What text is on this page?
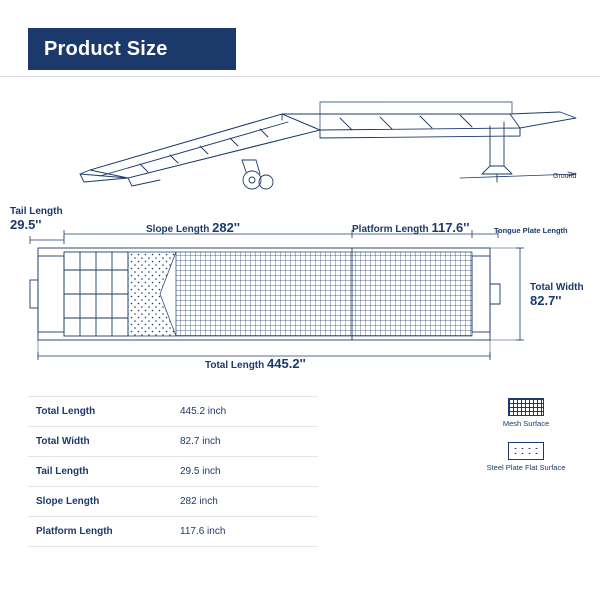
Product Size
Ground
Tail Length
29.5''	Slope Length 282''	Platform Length 117.6''	Tongue Plate Length
Total Width
82.7''
Total Length 445.2''
Total Length	445.2 inch
Total Width	82.7 inch
Tail Length	29.5 inch
Slope Length	282 inch
Platform Length	117.6 inch
Mesh Surface
Steel Plate Flat Surface
